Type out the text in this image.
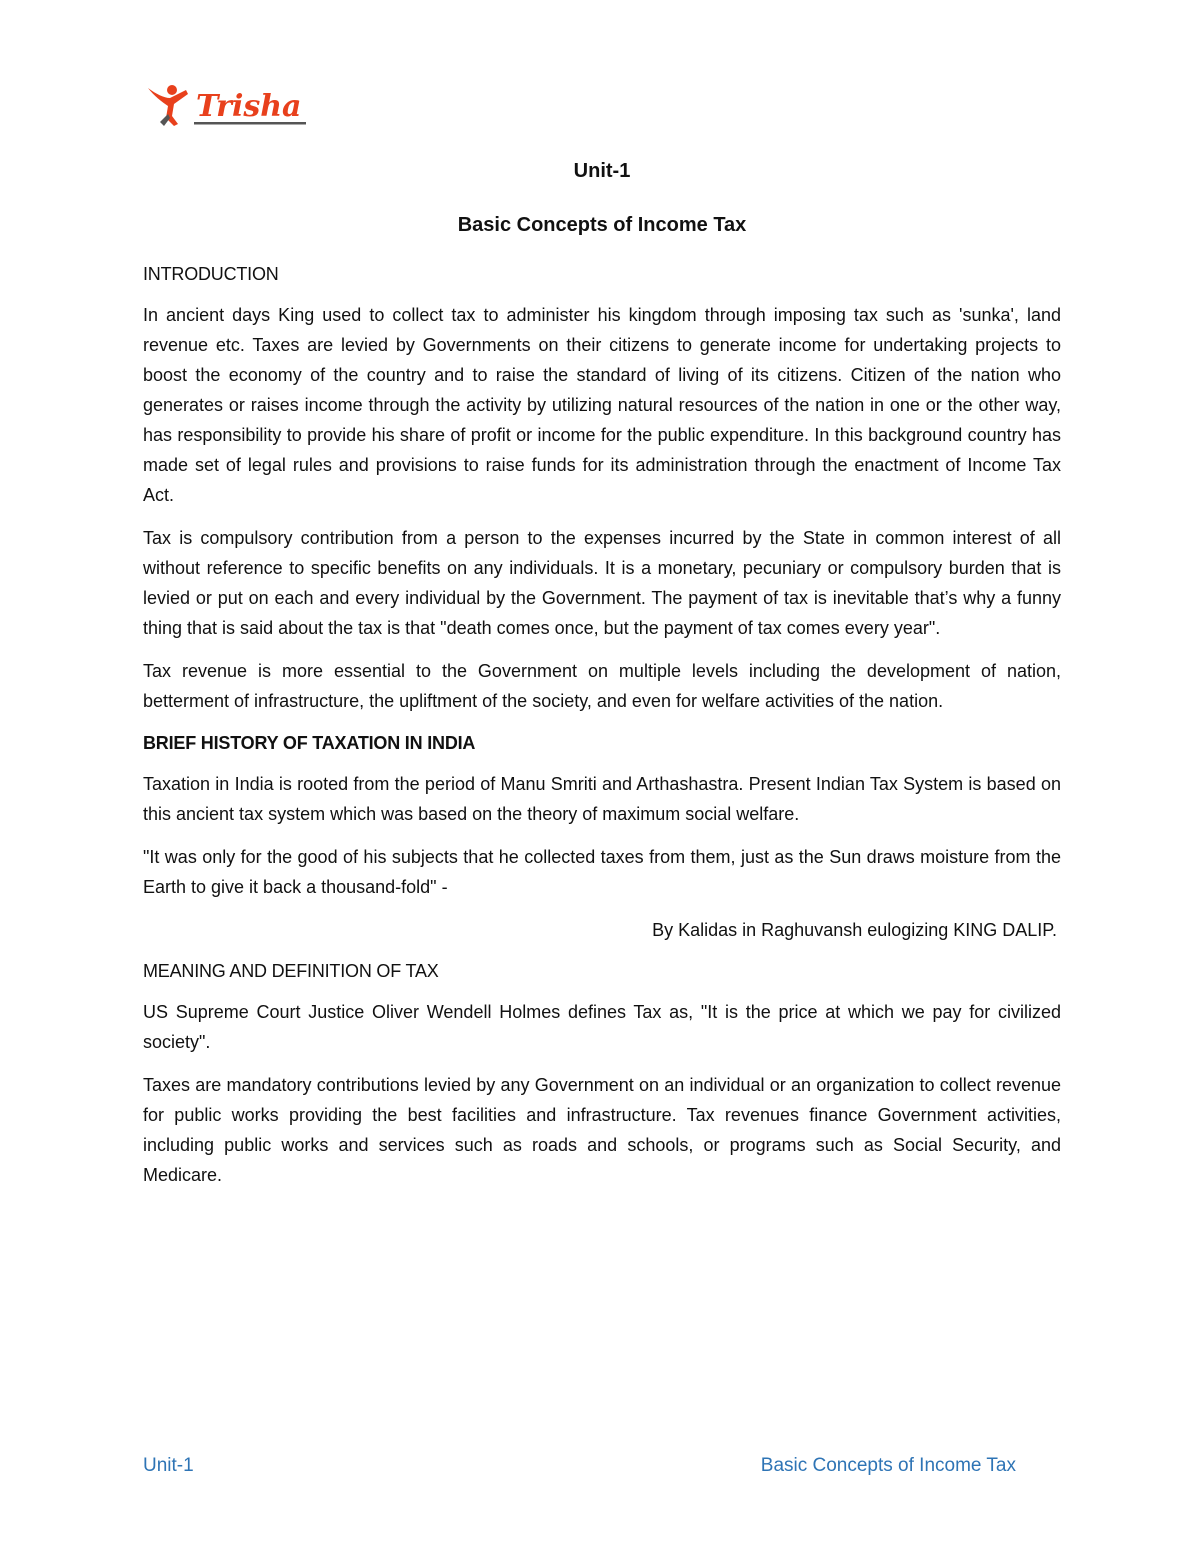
Trisha
Unit-1
Basic Concepts of Income Tax
INTRODUCTION

In ancient days King used to collect tax to administer his kingdom through imposing tax such as 'sunka', land revenue etc. Taxes are levied by Governments on their citizens to generate income for undertaking projects to boost the economy of the country and to raise the standard of living of its citizens. Citizen of the nation who generates or raises income through the activity by utilizing natural resources of the nation in one or the other way, has responsibility to provide his share of profit or income for the public expenditure. In this background country has made set of legal rules and provisions to raise funds for its administration through the enactment of Income Tax Act.

Tax is compulsory contribution from a person to the expenses incurred by the State in common interest of all without reference to specific benefits on any individuals. It is a monetary, pecuniary or compulsory burden that is levied or put on each and every individual by the Government. The payment of tax is inevitable that’s why a funny thing that is said about the tax is that "death comes once, but the payment of tax comes every year".

Tax revenue is more essential to the Government on multiple levels including the development of nation, betterment of infrastructure, the upliftment of the society, and even for welfare activities of the nation.

BRIEF HISTORY OF TAXATION IN INDIA

Taxation in India is rooted from the period of Manu Smriti and Arthashastra. Present Indian Tax System is based on this ancient tax system which was based on the theory of maximum social welfare.

"It was only for the good of his subjects that he collected taxes from them, just as the Sun draws moisture from the Earth to give it back a thousand-fold" -

By Kalidas in Raghuvansh eulogizing KING DALIP.

MEANING AND DEFINITION OF TAX

US Supreme Court Justice Oliver Wendell Holmes defines Tax as, "It is the price at which we pay for civilized society".

Taxes are mandatory contributions levied by any Government on an individual or an organization to collect revenue for public works providing the best facilities and infrastructure. Tax revenues finance Government activities, including public works and services such as roads and schools, or programs such as Social Security, and Medicare.

Unit-1	Basic Concepts of Income Tax
